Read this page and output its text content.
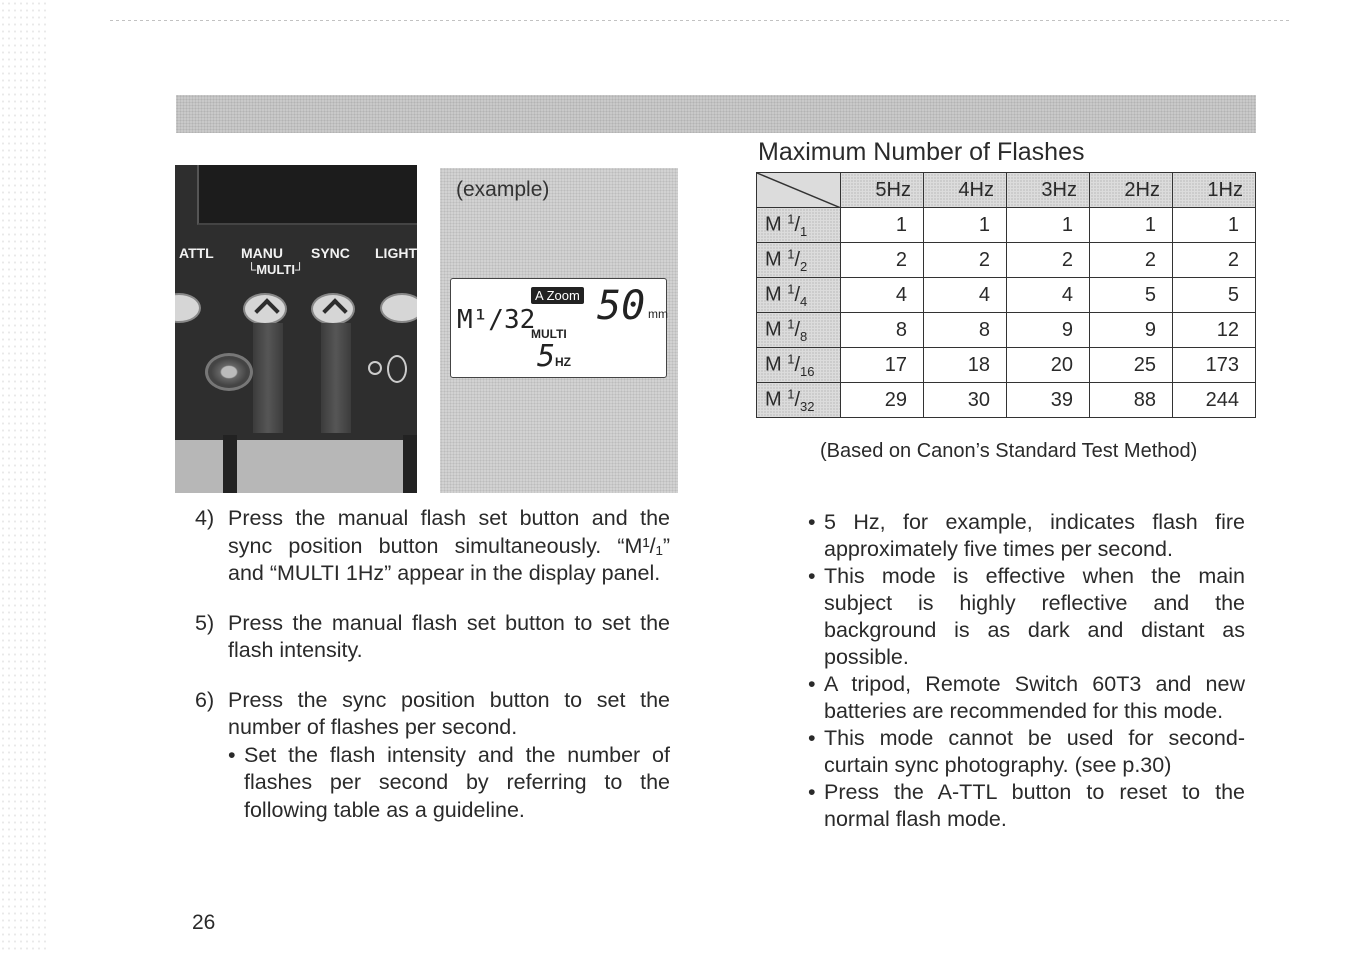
ATTL MANU SYNC LIGHT
└MULTI┘
(example)
M¹/32
A Zoom 50 mm
MULTI
5 HZ
Maximum Number of Flashes
	5Hz	4Hz	3Hz	2Hz	1Hz
M $^1/_1$	1	1	1	1	1
M $^1/_2$	2	2	2	2	2
M $^1/_4$	4	4	4	5	5
M $^1/_8$	8	8	9	9	12
M $^1/_{16}$	17	18	20	25	173
M $^1/_{32}$	29	30	39	88	244
(Based on Canon’s Standard Test Method)
4) Press the manual flash set button and the sync position button simultaneously. “M¹/₁” and “MULTI 1Hz” appear in the display panel.

5) Press the manual flash set button to set the flash intensity.

6) Press the sync position button to set the number of flashes per second.

• Set the flash intensity and the number of flashes per second by referring to the following table as a guideline.
• 5 Hz, for example, indicates flash fire approximately five times per second.
• This mode is effective when the main subject is highly reflective and the background is as dark and distant as possible.
• A tripod, Remote Switch 60T3 and new batteries are recommended for this mode.
• This mode cannot be used for second-curtain sync photography. (see p.30)
• Press the A-TTL button to reset to the normal flash mode.
26
